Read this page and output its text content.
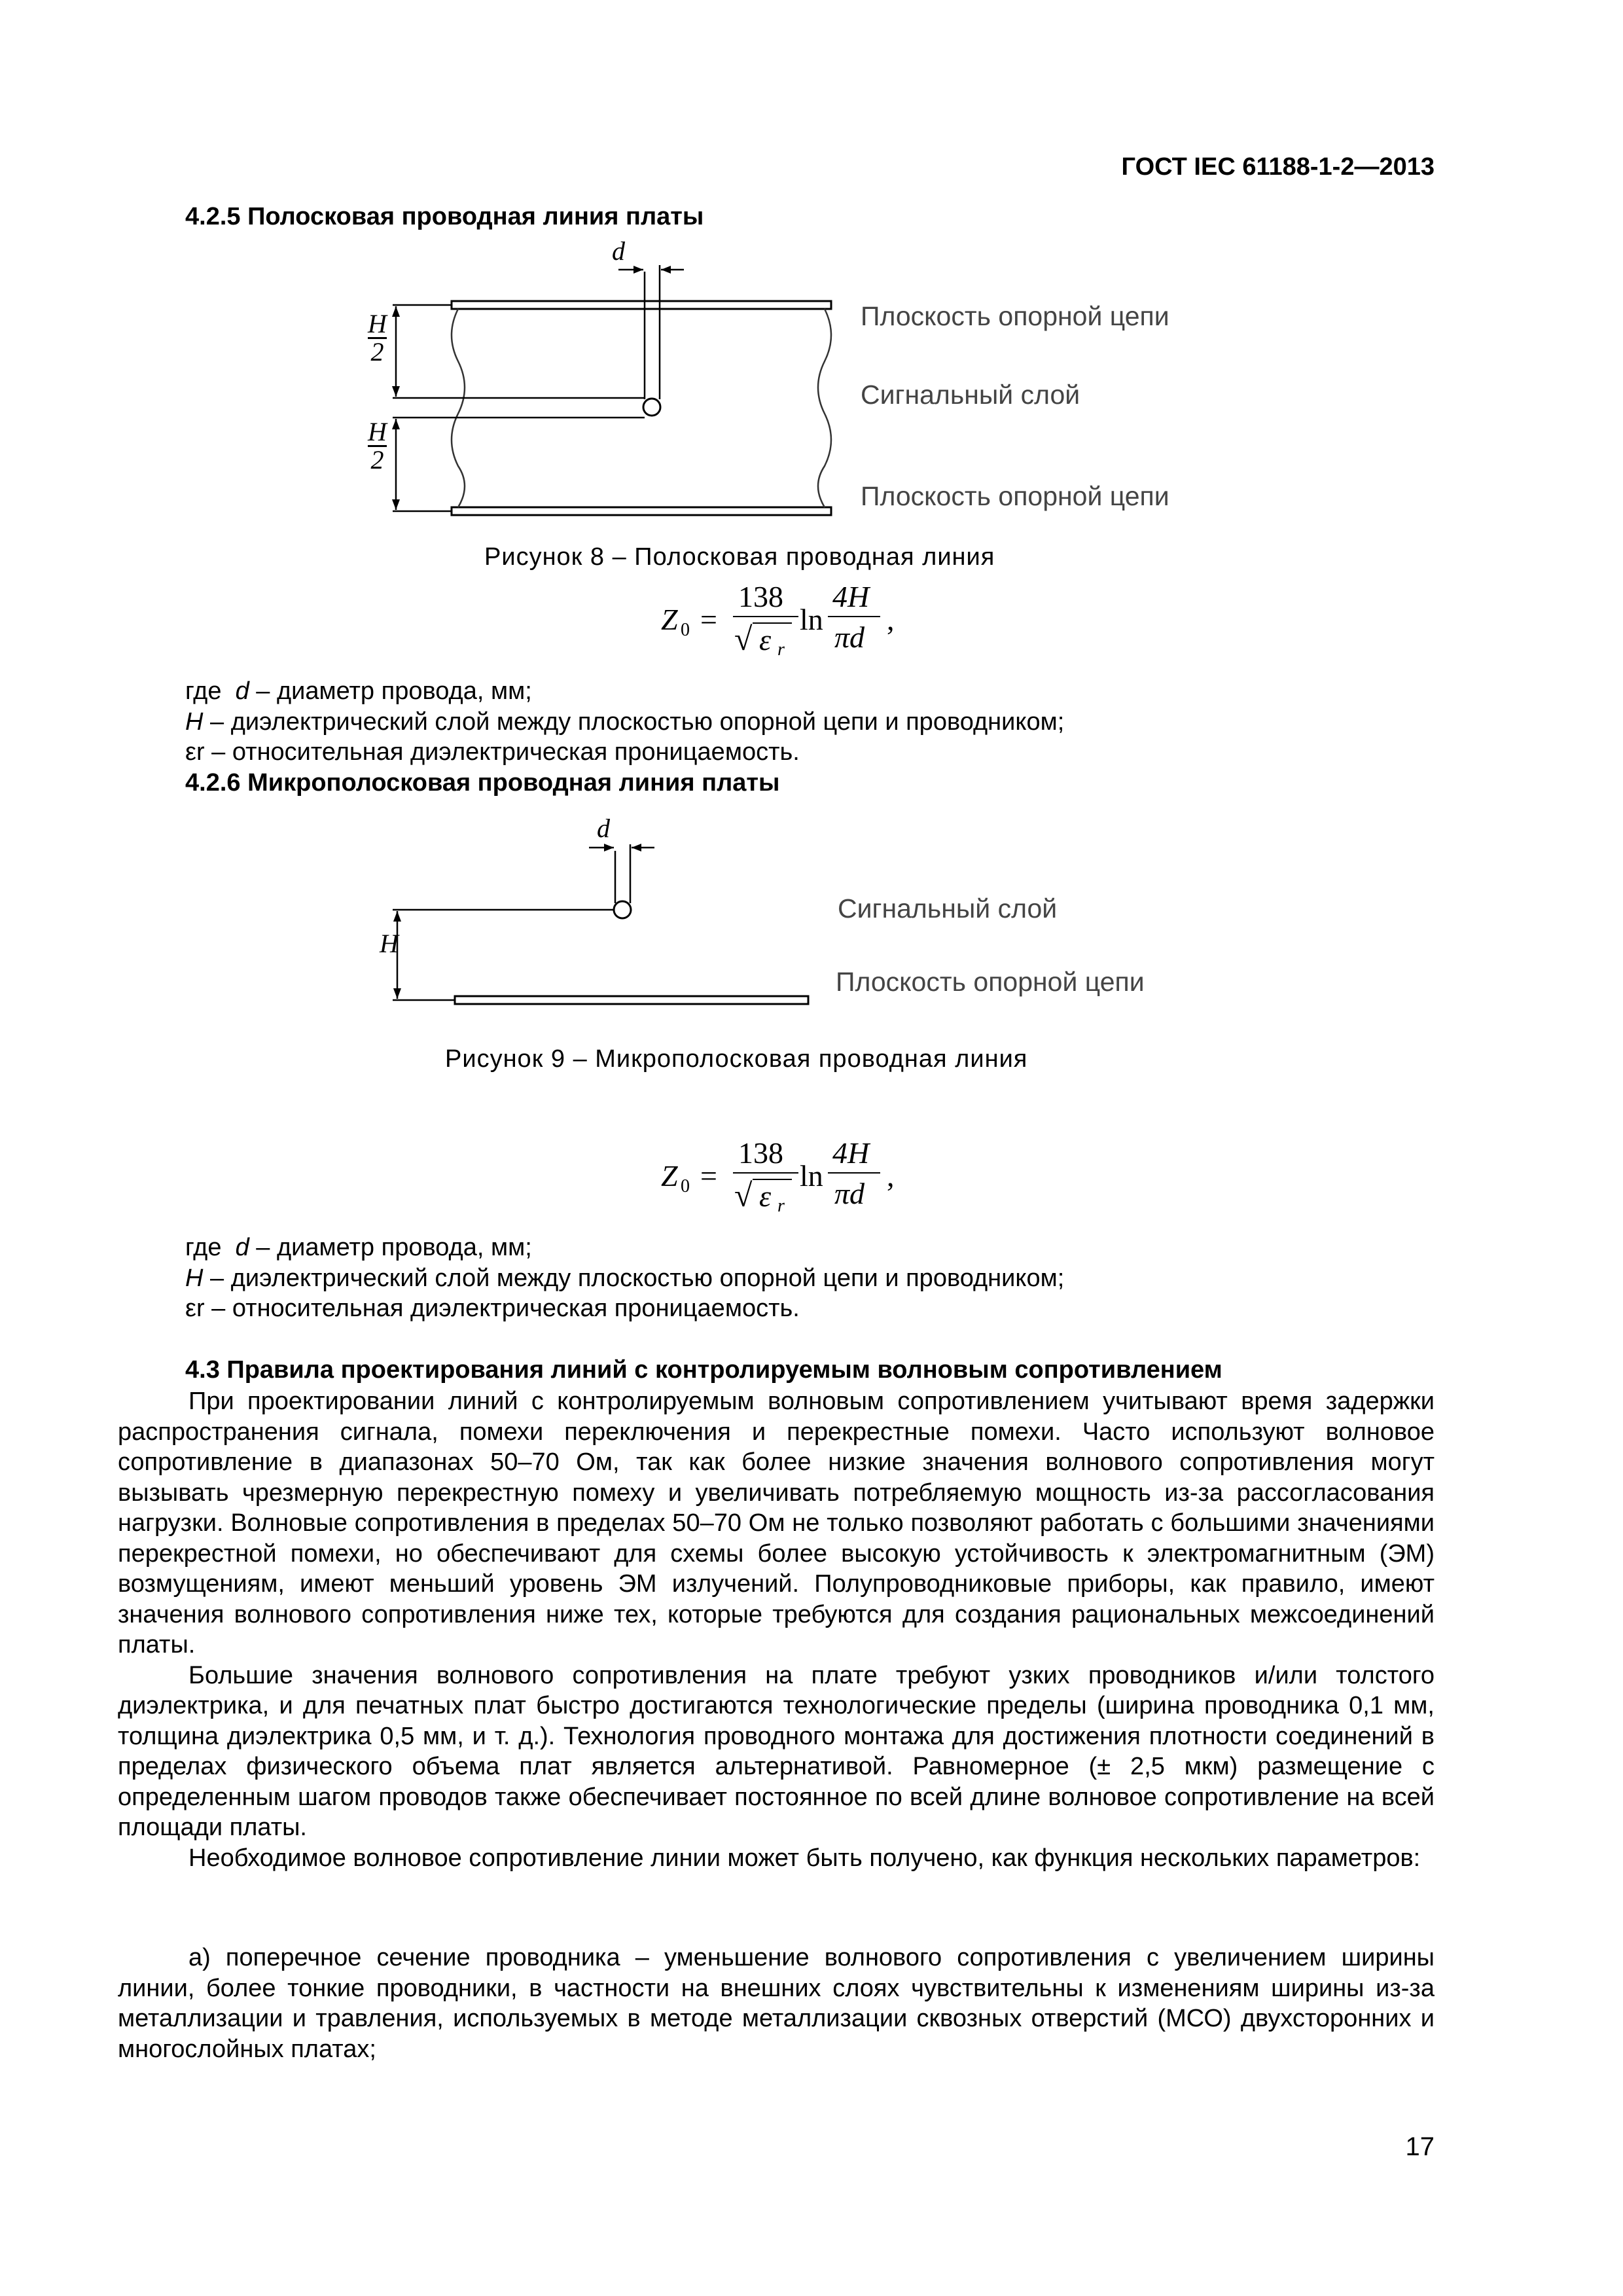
ГОСТ IEC 61188-1-2—2013
4.2.5 Полосковая проводная линия платы
d
H
2
H
2
Плоскость опорной цепи
Сигнальный слой
Плоскость опорной цепи
Рисунок 8 – Полосковая проводная линия
Z 0 =
138
√ ε r
ln
4H
πd
,
где d – диаметр провода, мм;
H – диэлектрический слой между плоскостью опорной цепи и проводником;
εr – относительная диэлектрическая проницаемость.
4.2.6 Микрополосковая проводная линия платы
d
H
Сигнальный слой
Плоскость опорной цепи
Рисунок 9 – Микрополосковая проводная линия
Z 0 =
138
√ ε r
ln
4H
πd
,
где d – диаметр провода, мм;
H – диэлектрический слой между плоскостью опорной цепи и проводником;
εr – относительная диэлектрическая проницаемость.
4.3 Правила проектирования линий с контролируемым волновым сопротивлением

При проектировании линий с контролируемым волновым сопротивлением учитывают время задержки распространения сигнала, помехи переключения и перекрестные помехи. Часто используют волновое сопротивление в диапазонах 50–70 Ом, так как более низкие значения волнового сопротивления могут вызывать чрезмерную перекрестную помеху и увеличивать потребляемую мощность из-за рассогласования нагрузки. Волновые сопротивления в пределах 50–70 Ом не только позволяют работать с большими значениями перекрестной помехи, но обеспечивают для схемы более высокую устойчивость к электромагнитным (ЭМ) возмущениям, имеют меньший уровень ЭМ излучений. Полупроводниковые приборы, как правило, имеют значения волнового сопротивления ниже тех, которые требуются для создания рациональных межсоединений платы.

Большие значения волнового сопротивления на плате требуют узких проводников и/или толстого диэлектрика, и для печатных плат быстро достигаются технологические пределы (ширина проводника 0,1 мм, толщина диэлектрика 0,5 мм, и т. д.). Технология проводного монтажа для достижения плотности соединений в пределах физического объема плат является альтернативой. Равномерное (± 2,5 мкм) размещение с определенным шагом проводов также обеспечивает постоянное по всей длине волновое сопротивление на всей площади платы.

Необходимое волновое сопротивление линии может быть получено, как функция нескольких параметров:

а) поперечное сечение проводника – уменьшение волнового сопротивления с увеличением ширины линии, более тонкие проводники, в частности на внешних слоях чувствительны к изменениям ширины из-за металлизации и травления, используемых в методе металлизации сквозных отверстий (МСО) двухсторонних и многослойных платах;

17
